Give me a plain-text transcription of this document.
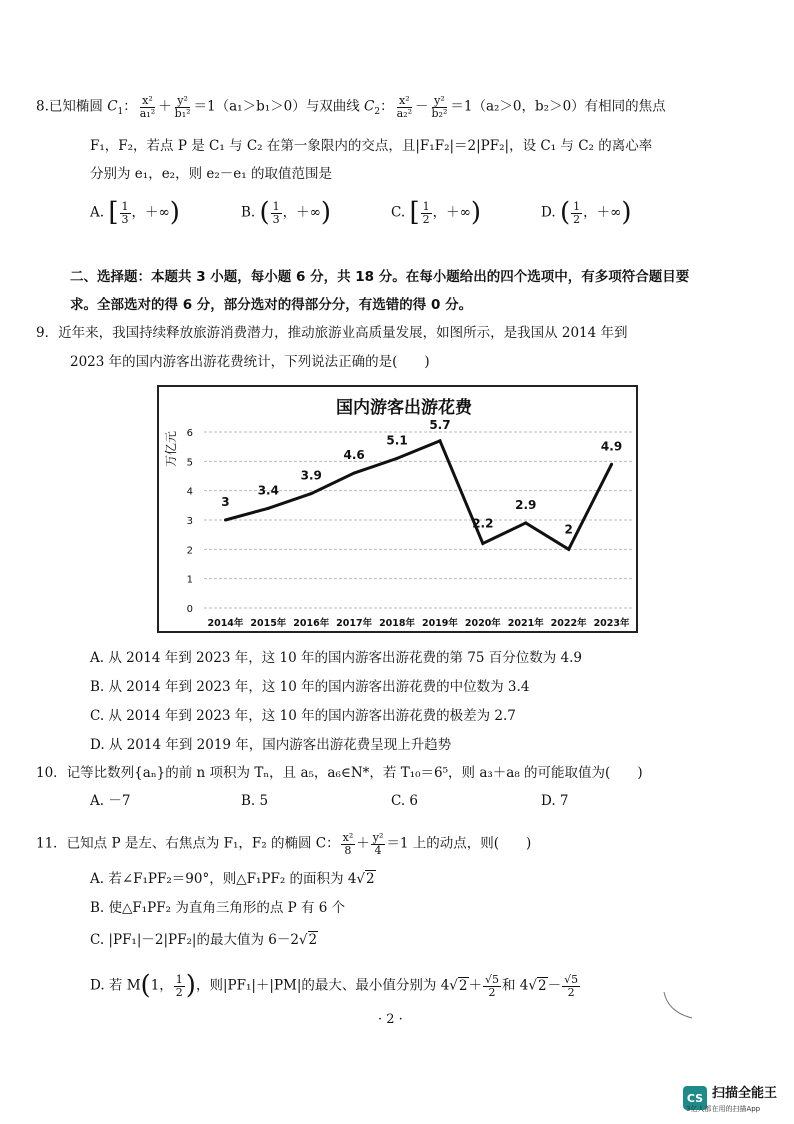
8.已知椭圆 $C_1$： $\frac{\text{x²}}{\text{a₁²}} + \frac{\text{y²}}{\text{b₁²}} =1(a_1>b_1>0)$与双曲线 $C_2$： $\frac{\text{x²}}{\text{a₂²}} - \frac{\text{y²}}{\text{b₂²}} =1(a_2>0$，b₂＞0）有相同的焦点
F₁，F₂，若点 P 是 C₁ 与 C₂ 在第一象限内的交点，且|F₁F₂|＝2|PF₂|，设 C₁ 与 C₂ 的离心率
分别为 e₁，e₂，则 e₂－e₁ 的取值范围是
A. [ $\frac{1}{3}$ ，＋∞)	B. ( $\frac{1}{3}$ ，＋∞)	C. [ $\frac{1}{2}$ ，＋∞)	D. ( $\frac{1}{2}$ ，＋∞)
二、选择题：本题共 3 小题，每小题 6 分，共 18 分。在每小题给出的四个选项中，有多项符合题目要
求。全部选对的得 6 分，部分选对的得部分分，有选错的得 0 分。
9．近年来，我国持续释放旅游消费潜力，推动旅游业高质量发展，如图所示，是我国从 2014 年到
2023 年的国内游客出游花费统计，下列说法正确的是(　　)
国内游客出游花费
万亿元
0
1
2
3
4
5
6
2014年 2015年 2016年 2017年 2018年 2019年 2020年 2021年 2022年 2023年
3
3.4
3.9
4.6
5.1
5.7
2.2
2.9
2
4.9
A. 从 2014 年到 2023 年，这 10 年的国内游客出游花费的第 75 百分位数为 4.9
B. 从 2014 年到 2023 年，这 10 年的国内游客出游花费的中位数为 3.4
C. 从 2014 年到 2023 年，这 10 年的国内游客出游花费的极差为 2.7
D. 从 2014 年到 2019 年，国内游客出游花费呈现上升趋势
10．记等比数列{aₙ}的前 n 项积为 Tₙ，且 a₅，a₆∈N*，若 T₁₀＝6⁵，则 a₃＋a₈ 的可能取值为(　　)
A. －7	B. 5	C. 6	D. 7
11．已知点 P 是左、右焦点为 F₁，F₂ 的椭圆 C： $\frac{\text{x²}}{8} + \frac{\text{y²}}{4} =1$ 上的动点，则(　　)
A. 若∠F₁PF₂＝90°，则△F₁PF₂ 的面积为 4√2
B. 使△F₁PF₂ 为直角三角形的点 P 有 6 个
C. |PF₁|－2|PF₂|的最大值为 6－2√2
D. 若 M(1， $\frac{1}{2}$ )，则|PF₁|＋|PM|的最大、最小值分别为 $4√2+ \frac{√5}{2}$ 和 $4√2- \frac{√5}{2}$
· 2 ·
CS 扫描全能王
3亿人都在用的扫描App
